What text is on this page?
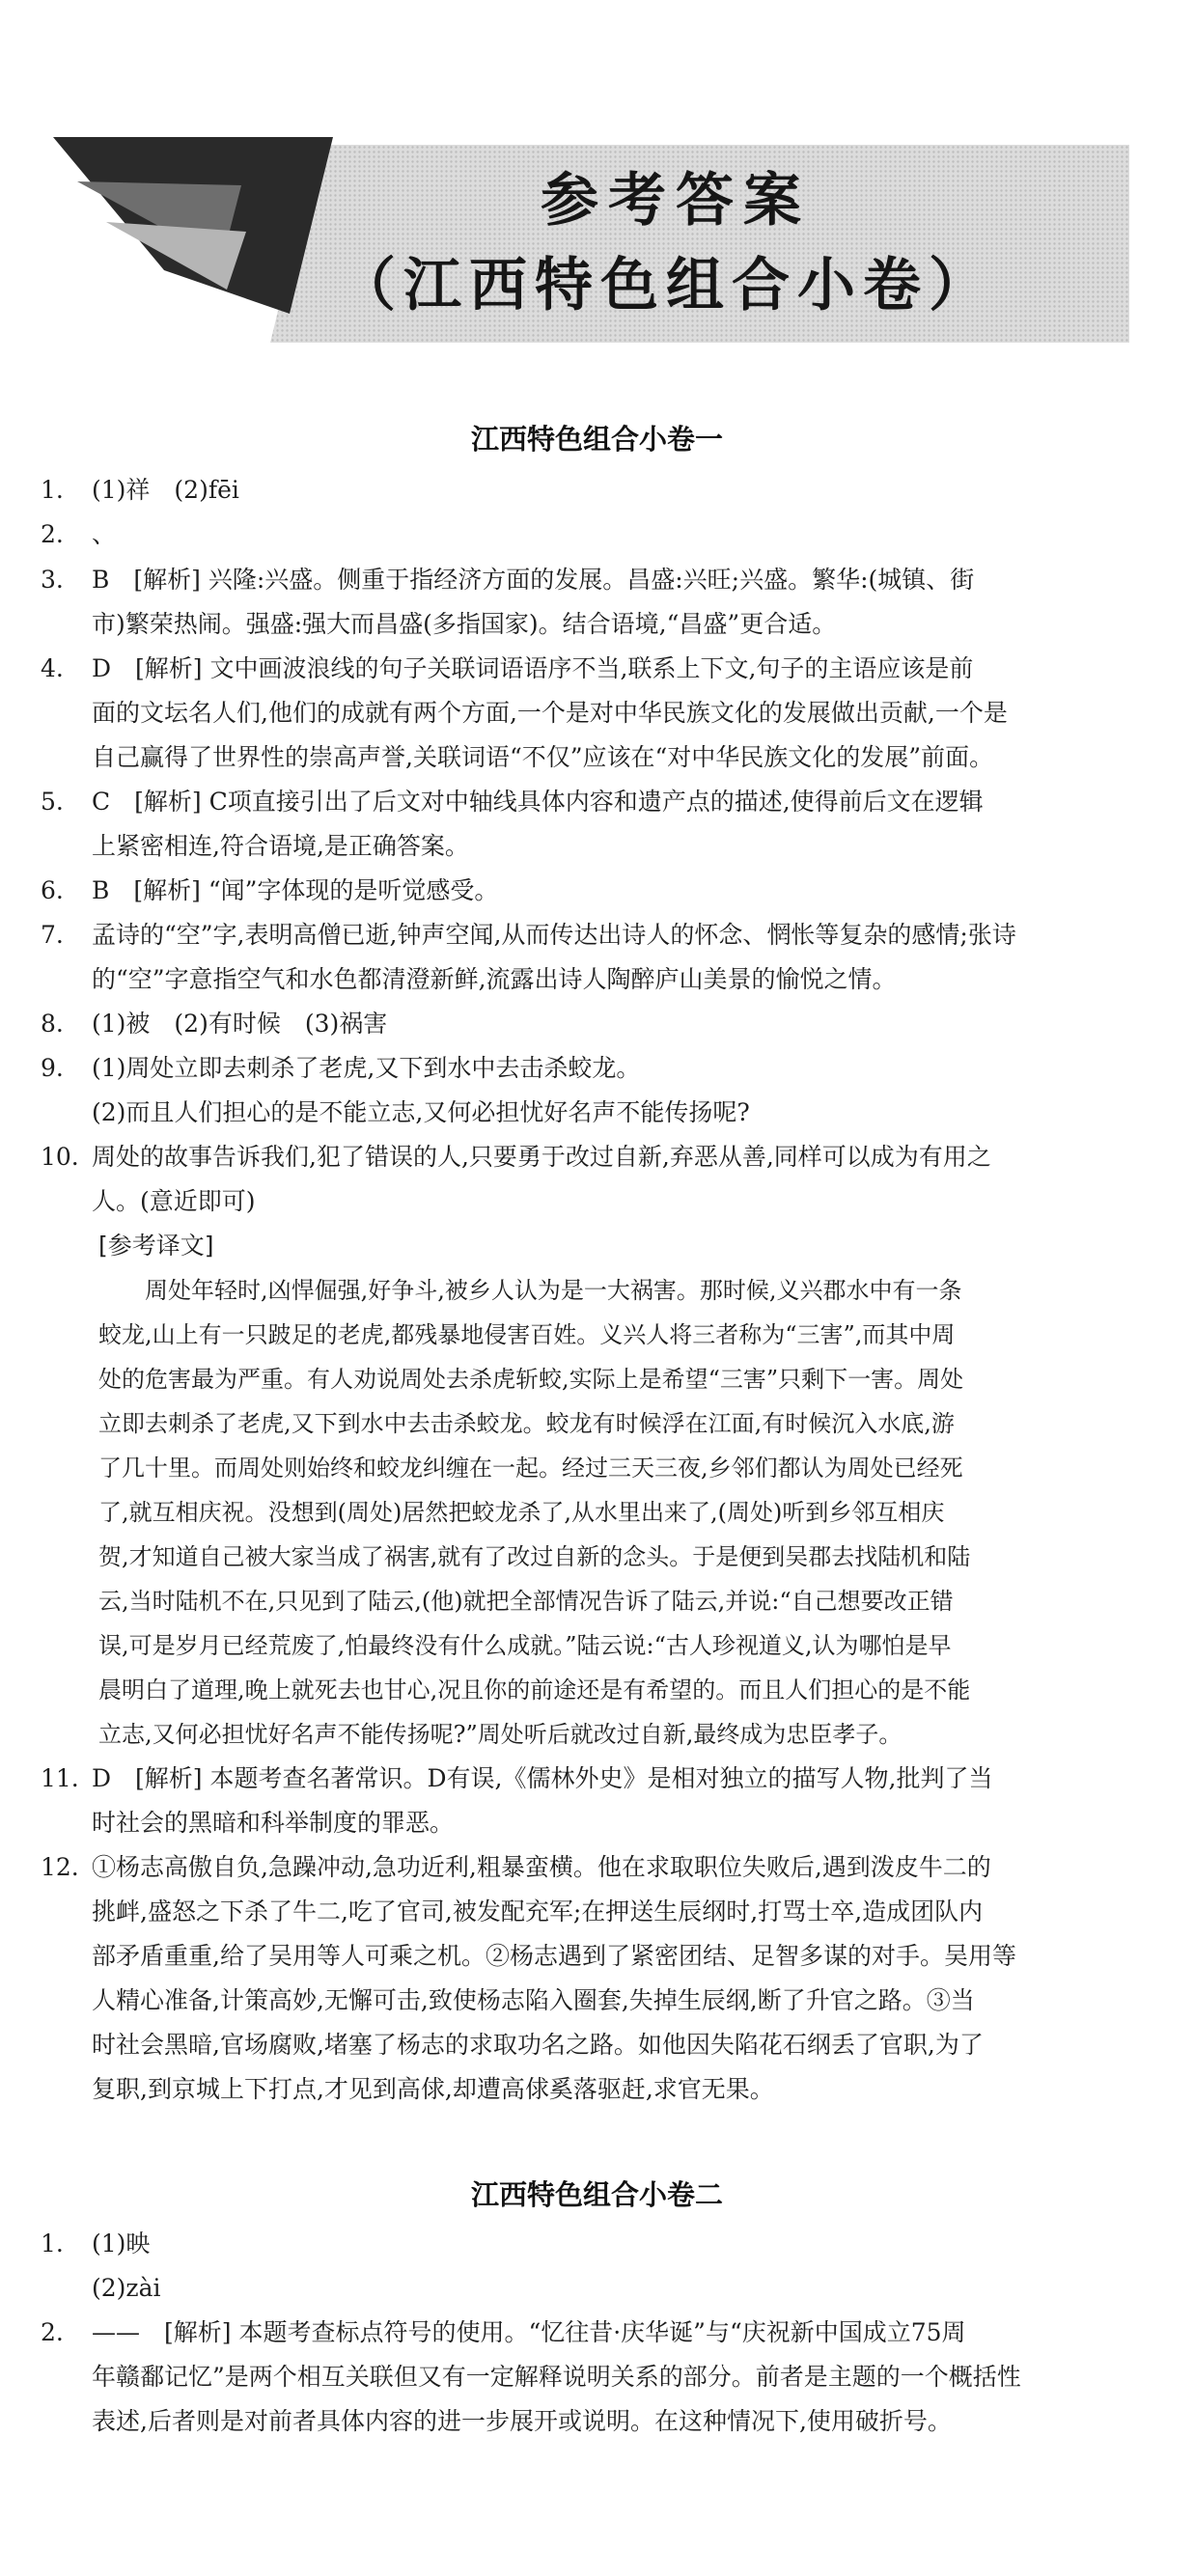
参考答案
（江西特色组合小卷）
江西特色组合小卷一
(1)祥　(2)fēi
1.
、
2.
B　[解析] 兴隆:兴盛。侧重于指经济方面的发展。昌盛:兴旺;兴盛。繁华:(城镇、街
3.
市)繁荣热闹。强盛:强大而昌盛(多指国家)。结合语境,“昌盛”更合适。
D　[解析] 文中画波浪线的句子关联词语语序不当,联系上下文,句子的主语应该是前
4.
面的文坛名人们,他们的成就有两个方面,一个是对中华民族文化的发展做出贡献,一个是
自己赢得了世界性的崇高声誉,关联词语“不仅”应该在“对中华民族文化的发展”前面。
C　[解析] C项直接引出了后文对中轴线具体内容和遗产点的描述,使得前后文在逻辑
5.
上紧密相连,符合语境,是正确答案。
B　[解析] “闻”字体现的是听觉感受。
6.
孟诗的“空”字,表明高僧已逝,钟声空闻,从而传达出诗人的怀念、惘怅等复杂的感情;张诗
7.
的“空”字意指空气和水色都清澄新鲜,流露出诗人陶醉庐山美景的愉悦之情。
(1)被　(2)有时候　(3)祸害
8.
(1)周处立即去刺杀了老虎,又下到水中去击杀蛟龙。
9.
(2)而且人们担心的是不能立志,又何必担忧好名声不能传扬呢?
周处的故事告诉我们,犯了错误的人,只要勇于改过自新,弃恶从善,同样可以成为有用之
10.
人。(意近即可)
[参考译文]
周处年轻时,凶悍倔强,好争斗,被乡人认为是一大祸害。那时候,义兴郡水中有一条
蛟龙,山上有一只跛足的老虎,都残暴地侵害百姓。义兴人将三者称为“三害”,而其中周
处的危害最为严重。有人劝说周处去杀虎斩蛟,实际上是希望“三害”只剩下一害。周处
立即去刺杀了老虎,又下到水中去击杀蛟龙。蛟龙有时候浮在江面,有时候沉入水底,游
了几十里。而周处则始终和蛟龙纠缠在一起。经过三天三夜,乡邻们都认为周处已经死
了,就互相庆祝。没想到(周处)居然把蛟龙杀了,从水里出来了,(周处)听到乡邻互相庆
贺,才知道自己被大家当成了祸害,就有了改过自新的念头。于是便到吴郡去找陆机和陆
云,当时陆机不在,只见到了陆云,(他)就把全部情况告诉了陆云,并说:“自己想要改正错
误,可是岁月已经荒废了,怕最终没有什么成就。”陆云说:“古人珍视道义,认为哪怕是早
晨明白了道理,晚上就死去也甘心,况且你的前途还是有希望的。而且人们担心的是不能
立志,又何必担忧好名声不能传扬呢?”周处听后就改过自新,最终成为忠臣孝子。
D　[解析] 本题考查名著常识。D有误,《儒林外史》是相对独立的描写人物,批判了当
11.
时社会的黑暗和科举制度的罪恶。
①杨志高傲自负,急躁冲动,急功近利,粗暴蛮横。他在求取职位失败后,遇到泼皮牛二的
12.
挑衅,盛怒之下杀了牛二,吃了官司,被发配充军;在押送生辰纲时,打骂士卒,造成团队内
部矛盾重重,给了吴用等人可乘之机。②杨志遇到了紧密团结、足智多谋的对手。吴用等
人精心准备,计策高妙,无懈可击,致使杨志陷入圈套,失掉生辰纲,断了升官之路。③当
时社会黑暗,官场腐败,堵塞了杨志的求取功名之路。如他因失陷花石纲丢了官职,为了
复职,到京城上下打点,才见到高俅,却遭高俅奚落驱赶,求官无果。
江西特色组合小卷二
(1)映
1.
(2)zài
——　[解析] 本题考查标点符号的使用。“忆往昔·庆华诞”与“庆祝新中国成立75周
2.
年赣鄱记忆”是两个相互关联但又有一定解释说明关系的部分。前者是主题的一个概括性
表述,后者则是对前者具体内容的进一步展开或说明。在这种情况下,使用破折号。
